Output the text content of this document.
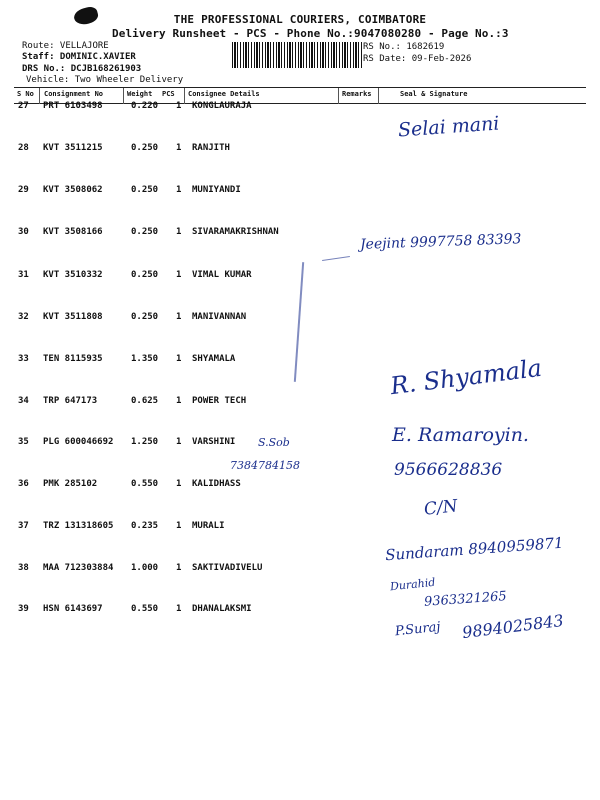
THE PROFESSIONAL COURIERS, COIMBATORE
Delivery Runsheet - PCS - Phone No.:9047080280 - Page No.:3
Route: VELLAJORE
Staff: DOMINIC.XAVIER
DRS No.: DCJB168261903
Vehicle: Two Wheeler Delivery
RS No.: 1682619
RS Date: 09-Feb-2026
S No Consignment No	Weight PCS Consignee Details	Remarks	Seal & Signature
27 PRT 6103498	0.220 1 KONGLAURAJA
28 KVT 3511215	0.250 1 RANJITH
29 KVT 3508062	0.250 1 MUNIYANDI
30 KVT 3508166	0.250 1 SIVARAMAKRISHNAN
31 KVT 3510332	0.250 1 VIMAL KUMAR
32 KVT 3511808	0.250 1 MANIVANNAN
33 TEN 8115935	1.350 1 SHYAMALA
34 TRP 647173	0.625 1 POWER TECH
35 PLG 600046692 1.250 1 VARSHINI
36 PMK 285102	0.550 1 KALIDHASS
37 TRZ 131318605 0.235 1 MURALI
38 MAA 712303884 1.000 1 SAKTIVADIVELU
39 HSN 6143697	0.550 1 DHANALAKSMI
Selai mani
Jeejint 9997758 83393
R. Shyamala
S.Sob
7384784158
E. Ramaroyin.
9566628836
C/N
Sundaram 8940959871
Durahid
9363321265
P.Suraj 9894025843
